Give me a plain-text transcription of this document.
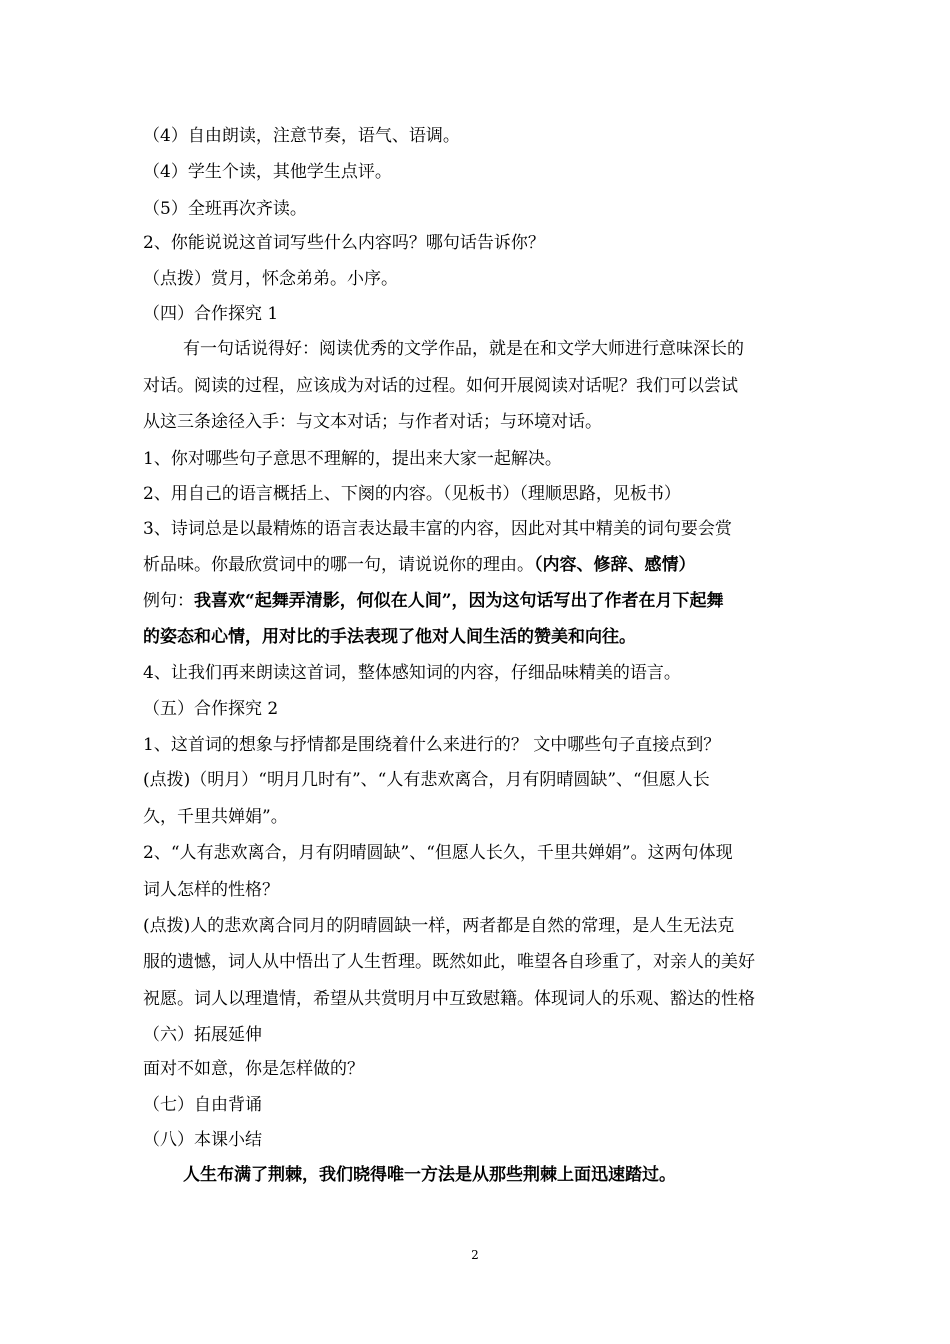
（4）自由朗读，注意节奏，语气、语调。
（4）学生个读，其他学生点评。
（5）全班再次齐读。
2、你能说说这首词写些什么内容吗？哪句话告诉你？
（点拨）赏月，怀念弟弟。小序。
（四）合作探究 1
有一句话说得好：阅读优秀的文学作品，就是在和文学大师进行意味深长的
对话。阅读的过程，应该成为对话的过程。如何开展阅读对话呢？我们可以尝试
从这三条途径入手：与文本对话；与作者对话；与环境对话。
1、你对哪些句子意思不理解的，提出来大家一起解决。
2、用自己的语言概括上、下阕的内容。（见板书）（理顺思路，见板书）
3、诗词总是以最精炼的语言表达最丰富的内容，因此对其中精美的词句要会赏
析品味。你最欣赏词中的哪一句，请说说你的理由。（内容、修辞、感情）
例句：我喜欢“起舞弄清影，何似在人间”，因为这句话写出了作者在月下起舞
的姿态和心情，用对比的手法表现了他对人间生活的赞美和向往。
4、让我们再来朗读这首词，整体感知词的内容，仔细品味精美的语言。
（五）合作探究 2
1、这首词的想象与抒情都是围绕着什么来进行的？ 文中哪些句子直接点到？
(点拨)（明月）“明月几时有”、“人有悲欢离合，月有阴晴圆缺”、“但愿人长
久，千里共婵娟”。
2、“人有悲欢离合，月有阴晴圆缺”、“但愿人长久，千里共婵娟”。这两句体现
词人怎样的性格？
(点拨)人的悲欢离合同月的阴晴圆缺一样，两者都是自然的常理，是人生无法克
服的遗憾，词人从中悟出了人生哲理。既然如此，唯望各自珍重了，对亲人的美好
祝愿。词人以理遣情，希望从共赏明月中互致慰籍。体现词人的乐观、豁达的性格
（六）拓展延伸
面对不如意，你是怎样做的？
（七）自由背诵
（八）本课小结
人生布满了荆棘，我们晓得唯一方法是从那些荆棘上面迅速踏过。
2
